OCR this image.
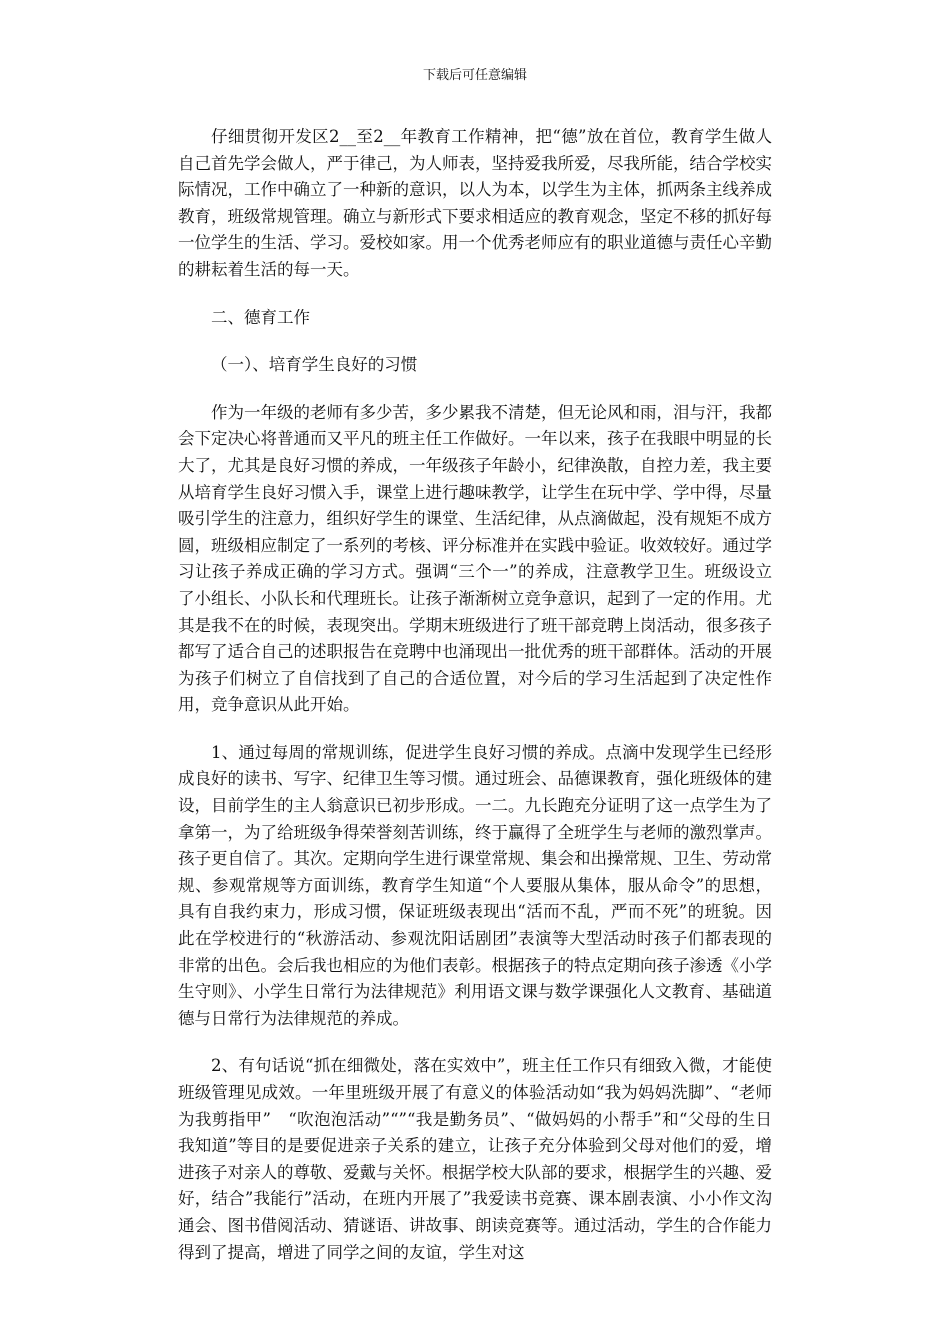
下载后可任意编辑

仔细贯彻开发区2__至2__年教育工作精神，把“德”放在首位，教育学生做人自己首先学会做人，严于律己，为人师表，坚持爱我所爱，尽我所能，结合学校实际情况，工作中确立了一种新的意识，以人为本，以学生为主体，抓两条主线养成教育，班级常规管理。确立与新形式下要求相适应的教育观念，坚定不移的抓好每一位学生的生活、学习。爱校如家。用一个优秀老师应有的职业道德与责任心辛勤的耕耘着生活的每一天。

二、德育工作

（一）、培育学生良好的习惯

作为一年级的老师有多少苦，多少累我不清楚，但无论风和雨，泪与汗，我都会下定决心将普通而又平凡的班主任工作做好。一年以来，孩子在我眼中明显的长大了，尤其是良好习惯的养成，一年级孩子年龄小，纪律涣散，自控力差，我主要从培育学生良好习惯入手，课堂上进行趣味教学，让学生在玩中学、学中得，尽量吸引学生的注意力，组织好学生的课堂、生活纪律，从点滴做起，没有规矩不成方圆，班级相应制定了一系列的考核、评分标准并在实践中验证。收效较好。通过学习让孩子养成正确的学习方式。强调“三个一”的养成，注意教学卫生。班级设立了小组长、小队长和代理班长。让孩子渐渐树立竞争意识，起到了一定的作用。尤其是我不在的时候，表现突出。学期末班级进行了班干部竞聘上岗活动，很多孩子都写了适合自己的述职报告在竞聘中也涌现出一批优秀的班干部群体。活动的开展为孩子们树立了自信找到了自己的合适位置，对今后的学习生活起到了决定性作用，竞争意识从此开始。

1、通过每周的常规训练，促进学生良好习惯的养成。点滴中发现学生已经形成良好的读书、写字、纪律卫生等习惯。通过班会、品德课教育，强化班级体的建设，目前学生的主人翁意识已初步形成。一二。九长跑充分证明了这一点学生为了拿第一，为了给班级争得荣誉刻苦训练，终于赢得了全班学生与老师的激烈掌声。孩子更自信了。其次。定期向学生进行课堂常规、集会和出操常规、卫生、劳动常规、参观常规等方面训练，教育学生知道“个人要服从集体，服从命令”的思想，具有自我约束力，形成习惯，保证班级表现出“活而不乱，严而不死”的班貌。因此在学校进行的“秋游活动、参观沈阳话剧团”表演等大型活动时孩子们都表现的非常的出色。会后我也相应的为他们表彰。根据孩子的特点定期向孩子渗透《小学生守则》、小学生日常行为法律规范》利用语文课与数学课强化人文教育、基础道德与日常行为法律规范的养成。

2、有句话说“抓在细微处，落在实效中”，班主任工作只有细致入微，才能使班级管理见成效。一年里班级开展了有意义的体验活动如“我为妈妈洗脚”、“老师为我剪指甲”　“吹泡泡活动”“”“我是勤务员”、“做妈妈的小帮手”和“父母的生日我知道”等目的是要促进亲子关系的建立，让孩子充分体验到父母对他们的爱，增进孩子对亲人的尊敬、爱戴与关怀。根据学校大队部的要求，根据学生的兴趣、爱好，结合”我能行”活动，在班内开展了”我爱读书竞赛、课本剧表演、小小作文沟通会、图书借阅活动、猜谜语、讲故事、朗读竞赛等。通过活动，学生的合作能力得到了提高，增进了同学之间的友谊，学生对这
